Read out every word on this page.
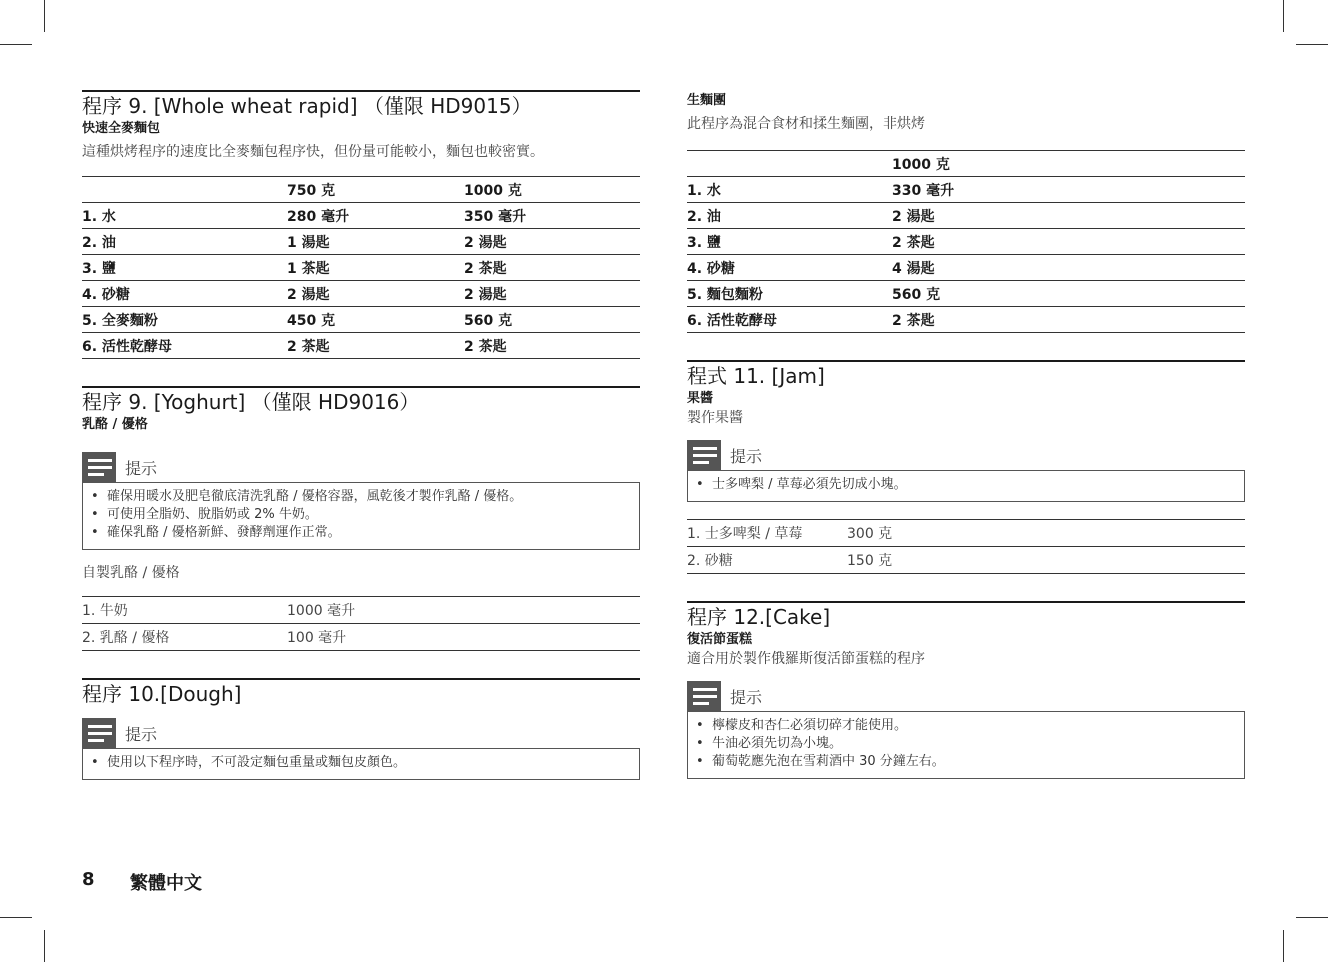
程序 9. [Whole wheat rapid] （僅限 HD9015）
快速全麥麵包
這種烘烤程序的速度比全麥麵包程序快，但份量可能較小，麵包也較密實。
	750 克	1000 克
1. 水	280 毫升	350 毫升
2. 油	1 湯匙	2 湯匙
3. 鹽	1 茶匙	2 茶匙
4. 砂糖	2 湯匙	2 湯匙
5. 全麥麵粉	450 克	560 克
6. 活性乾酵母	2 茶匙	2 茶匙
程序 9. [Yoghurt] （僅限 HD9016）
乳酪 / 優格
提示
• 確保用暖水及肥皂徹底清洗乳酪 / 優格容器，風乾後才製作乳酪 / 優格。
• 可使用全脂奶、脫脂奶或 2% 牛奶。
• 確保乳酪 / 優格新鮮、發酵劑運作正常。
自製乳酪 / 優格
1. 牛奶	1000 毫升
2. 乳酪 / 優格	100 毫升
程序 10.[Dough]
提示
• 使用以下程序時，不可設定麵包重量或麵包皮顏色。
生麵團
此程序為混合食材和揉生麵團，非烘烤
	1000 克
1. 水	330 毫升
2. 油	2 湯匙
3. 鹽	2 茶匙
4. 砂糖	4 湯匙
5. 麵包麵粉	560 克
6. 活性乾酵母	2 茶匙
程式 11. [Jam]
果醬
製作果醬
提示
• 士多啤梨 / 草莓必須先切成小塊。
1. 士多啤梨 / 草莓	300 克
2. 砂糖	150 克
程序 12.[Cake]
復活節蛋糕
適合用於製作俄羅斯復活節蛋糕的程序
提示
• 檸檬皮和杏仁必須切碎才能使用。
• 牛油必須先切為小塊。
• 葡萄乾應先泡在雪莉酒中 30 分鐘左右。
8 繁體中文
